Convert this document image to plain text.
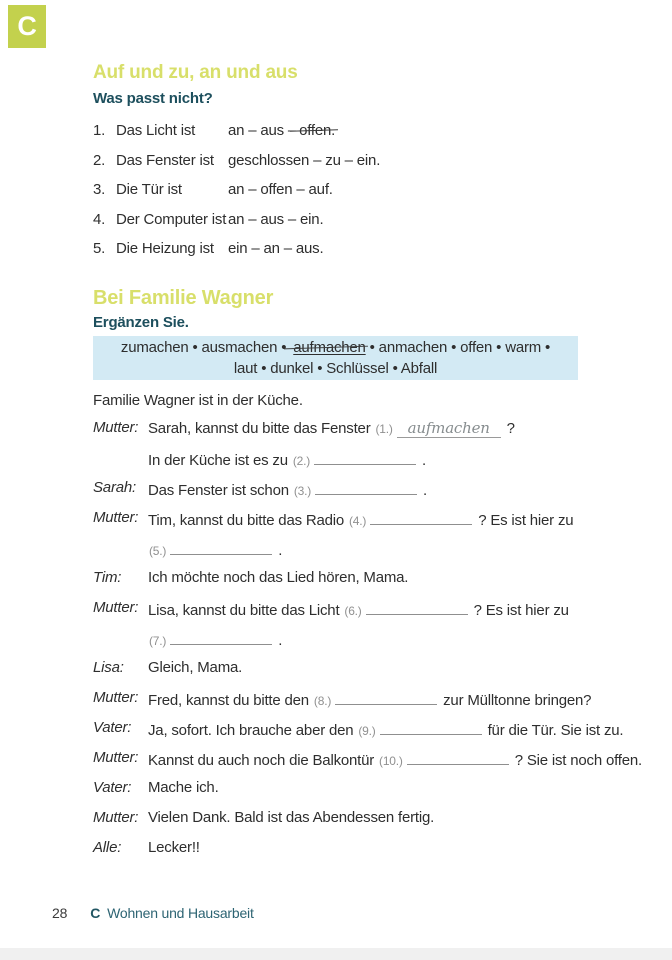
C
Auf und zu, an und aus
Was passt nicht?
1. Das Licht ist	an – aus – offen.
2. Das Fenster ist geschlossen – zu – ein.
3. Die Tür ist	an – offen – auf.
4. Der Computer ist an – aus – ein.
5. Die Heizung ist ein – an – aus.
Bei Familie Wagner
Ergänzen Sie.
zumachen • ausmachen • aufmachen • anmachen • offen • warm •
laut • dunkel • Schlüssel • Abfall

Familie Wagner ist in der Küche.

Mutter: Sarah, kannst du bitte das Fenster (1.) aufmachen ?
In der Küche ist es zu (2.)	.
Sarah: Das Fenster ist schon (3.)	.
Mutter: Tim, kannst du bitte das Radio (4.)	? Es ist hier zu
(5.)	.
Tim:	Ich möchte noch das Lied hören, Mama.
Mutter: Lisa, kannst du bitte das Licht (6.)	? Es ist hier zu
(7.)	.
Lisa:	Gleich, Mama.
Mutter: Fred, kannst du bitte den (8.)	zur Mülltonne bringen?
Vater:	Ja, sofort. Ich brauche aber den (9.)	für die Tür. Sie ist zu.
Mutter: Kannst du auch noch die Balkontür (10.)	? Sie ist noch offen.
Vater:	Mache ich.
Mutter: Vielen Dank. Bald ist das Abendessen fertig.
Alle:	Lecker!!
28 C Wohnen und Hausarbeit
